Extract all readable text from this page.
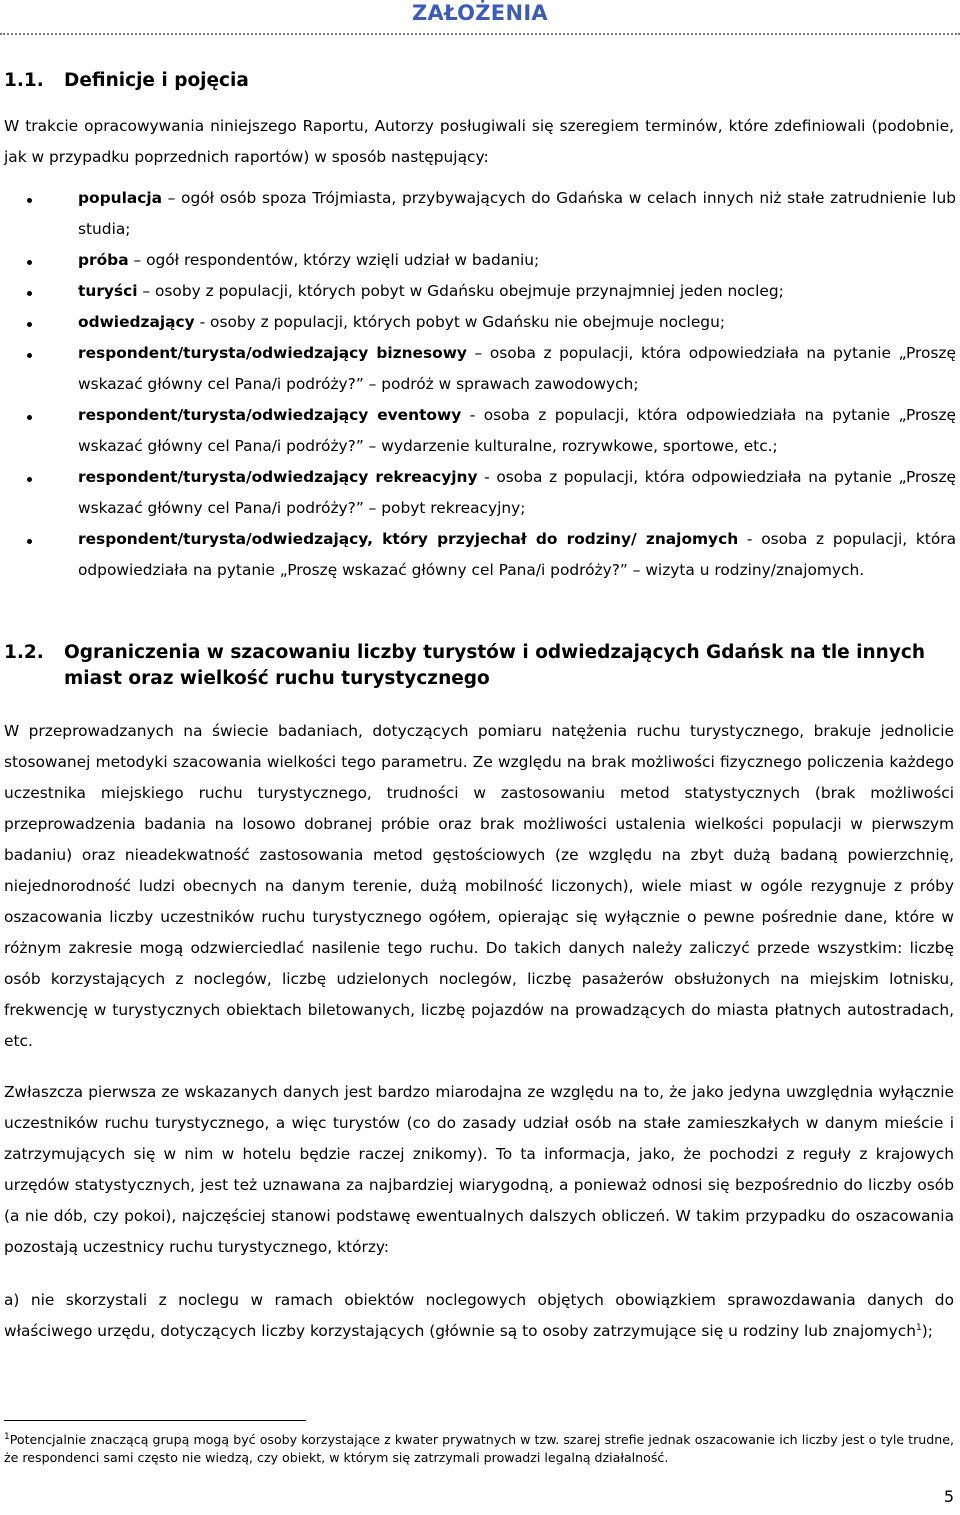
ZAŁOŻENIA
1.1.	Definicje i pojęcia

W trakcie opracowywania niniejszego Raportu, Autorzy posługiwali się szeregiem terminów, które zdefiniowali (podobnie, jak w przypadku poprzednich raportów) w sposób następujący:

populacja – ogół osób spoza Trójmiasta, przybywających do Gdańska w celach innych niż stałe zatrudnienie lub studia;
próba – ogół respondentów, którzy wzięli udział w badaniu;
turyści – osoby z populacji, których pobyt w Gdańsku obejmuje przynajmniej jeden nocleg;
odwiedzający - osoby z populacji, których pobyt w Gdańsku nie obejmuje noclegu;
respondent/turysta/odwiedzający biznesowy – osoba z populacji, która odpowiedziała na pytanie „Proszę wskazać główny cel Pana/i podróży?” – podróż w sprawach zawodowych;
respondent/turysta/odwiedzający eventowy - osoba z populacji, która odpowiedziała na pytanie „Proszę wskazać główny cel Pana/i podróży?” – wydarzenie kulturalne, rozrywkowe, sportowe, etc.;
respondent/turysta/odwiedzający rekreacyjny - osoba z populacji, która odpowiedziała na pytanie „Proszę wskazać główny cel Pana/i podróży?” – pobyt rekreacyjny;
respondent/turysta/odwiedzający, który przyjechał do rodziny/ znajomych - osoba z populacji, która odpowiedziała na pytanie „Proszę wskazać główny cel Pana/i podróży?” – wizyta u rodziny/znajomych.
1.2.	Ograniczenia w szacowaniu liczby turystów i odwiedzających Gdańsk na tle innych miast oraz wielkość ruchu turystycznego

W przeprowadzanych na świecie badaniach, dotyczących pomiaru natężenia ruchu turystycznego, brakuje jednolicie stosowanej metodyki szacowania wielkości tego parametru. Ze względu na brak możliwości fizycznego policzenia każdego uczestnika miejskiego ruchu turystycznego, trudności w zastosowaniu metod statystycznych (brak możliwości przeprowadzenia badania na losowo dobranej próbie oraz brak możliwości ustalenia wielkości populacji w pierwszym badaniu) oraz nieadekwatność zastosowania metod gęstościowych (ze względu na zbyt dużą badaną powierzchnię, niejednorodność ludzi obecnych na danym terenie, dużą mobilność liczonych), wiele miast w ogóle rezygnuje z próby oszacowania liczby uczestników ruchu turystycznego ogółem, opierając się wyłącznie o pewne pośrednie dane, które w różnym zakresie mogą odzwierciedlać nasilenie tego ruchu. Do takich danych należy zaliczyć przede wszystkim: liczbę osób korzystających z noclegów, liczbę udzielonych noclegów, liczbę pasażerów obsłużonych na miejskim lotnisku, frekwencję w turystycznych obiektach biletowanych, liczbę pojazdów na prowadzących do miasta płatnych autostradach, etc.

Zwłaszcza pierwsza ze wskazanych danych jest bardzo miarodajna ze względu na to, że jako jedyna uwzględnia wyłącznie uczestników ruchu turystycznego, a więc turystów (co do zasady udział osób na stałe zamieszkałych w danym mieście i zatrzymujących się w nim w hotelu będzie raczej znikomy). To ta informacja, jako, że pochodzi z reguły z krajowych urzędów statystycznych, jest też uznawana za najbardziej wiarygodną, a ponieważ odnosi się bezpośrednio do liczby osób (a nie dób, czy pokoi), najczęściej stanowi podstawę ewentualnych dalszych obliczeń. W takim przypadku do oszacowania pozostają uczestnicy ruchu turystycznego, którzy:

a) nie skorzystali z noclegu w ramach obiektów noclegowych objętych obowiązkiem sprawozdawania danych do właściwego urzędu, dotyczących liczby korzystających (głównie są to osoby zatrzymujące się u rodziny lub znajomych$^1$);

$^1$Potencjalnie znaczącą grupą mogą być osoby korzystające z kwater prywatnych w tzw. szarej strefie jednak oszacowanie ich liczby jest o tyle trudne, że respondenci sami często nie wiedzą, czy obiekt, w którym się zatrzymali prowadzi legalną działalność.

5
